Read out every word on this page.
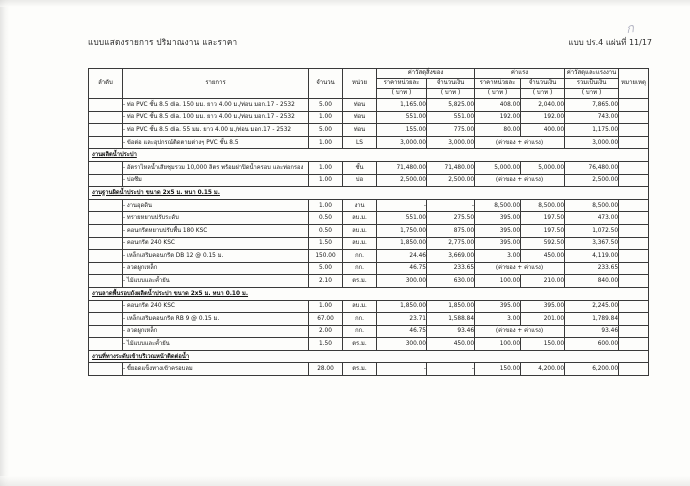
แบบแสดงรายการ ปริมาณงาน และราคา	แบบ ปร.4 แผ่นที่ 11/17
ก
ลำดับ	รายการ	จำนวน	หน่วย	ค่าวัสดุสิ่งของ		ค่าแรง		ค่าวัสดุและแรงงาน	หมายเหตุ
				ราคาหน่วยละ	จำนวนเงิน	ราคาหน่วยละ	จำนวนเงิน	รวมเป็นเงิน	
				( บาท )	( บาท )	( บาท )	( บาท )	( บาท )	
	- ท่อ PVC ชั้น 8.5 dia. 150 มม. ยาว 4.00 ม./ท่อน มอก.17 - 2532	5.00	ท่อน	1,165.00	5,825.00	408.00	2,040.00	7,865.00	
	- ท่อ PVC ชั้น 8.5 dia. 100 มม. ยาว 4.00 ม./ท่อน มอก.17 - 2532	1.00	ท่อน	551.00	551.00	192.00	192.00	743.00	
	- ท่อ PVC ชั้น 8.5 dia. 55 มม. ยาว 4.00 ม./ท่อน มอก.17 - 2532	5.00	ท่อน	155.00	775.00	80.00	400.00	1,175.00	
	- ข้อต่อ และอุปกรณ์ติดตามต่างๆ PVC ชั้น 8.5	1.00	LS	3,000.00	3,000.00	(ค่าของ + ค่าแรง)		3,000.00	
งานผลิตน้ำประปา									
	- อัตราไหลน้ำเสียชุมรวม 10,000 ลิตร พร้อมฝาปิดน้ำครอบ และท่อกรอง	1.00	ชั้น	71,480.00	71,480.00	5,000.00	5,000.00	76,480.00	
	- บ่อซึม	1.00	บ่อ	2,500.00	2,500.00	(ค่าของ + ค่าแรง)		2,500.00	
งานฐานผิดน้ำประปา ขนาด 2x5 ม. หนา 0.15 ม.									
	- งานอุดดิน	1.00	งาน	-	-	8,500.00	8,500.00	8,500.00	
	- ทรายหยาบปรับระดับ	0.50	ลบ.ม.	551.00	275.50	395.00	197.50	473.00	
	- คอนกรีตหยาบปรับพื้น 180 KSC	0.50	ลบ.ม.	1,750.00	875.00	395.00	197.50	1,072.50	
	- คอนกรีต 240 KSC	1.50	ลบ.ม.	1,850.00	2,775.00	395.00	592.50	3,367.50	
	- เหล็กเสริมคอนกรีต DB 12 @ 0.15 ม.	150.00	กก.	24.46	3,669.00	3.00	450.00	4,119.00	
	- ลวดผูกเหล็ก	5.00	กก.	46.75	233.65	(ค่าของ + ค่าแรง)		233.65	
	- ไม้แบบและค้ำยัน	2.10	ตร.ม.	300.00	630.00	100.00	210.00	840.00	
งานลาดพื้นรอบถังผลิตน้ำประปา ขนาด 2x5 ม. หนา 0.10 ม.									
	- คอนกรีต 240 KSC	1.00	ลบ.ม.	1,850.00	1,850.00	395.00	395.00	2,245.00	
	- เหล็กเสริมคอนกรีต RB 9 @ 0.15 ม.	67.00	กก.	23.71	1,588.84	3.00	201.00	1,789.84	
	- ลวดผูกเหล็ก	2.00	กก.	46.75	93.46	(ค่าของ + ค่าแรง)		93.46	
	- ไม้แบบและค้ำยัน	1.50	ตร.ม.	300.00	450.00	100.00	150.00	600.00	
งานที่ทางระดับเข้าบริเวณหน้าติดต่อน้ำ									
	- ขี้ยอดแข็งทางเข้าครอบลม	28.00	ตร.ม.	-	-	150.00	4,200.00	6,200.00	
